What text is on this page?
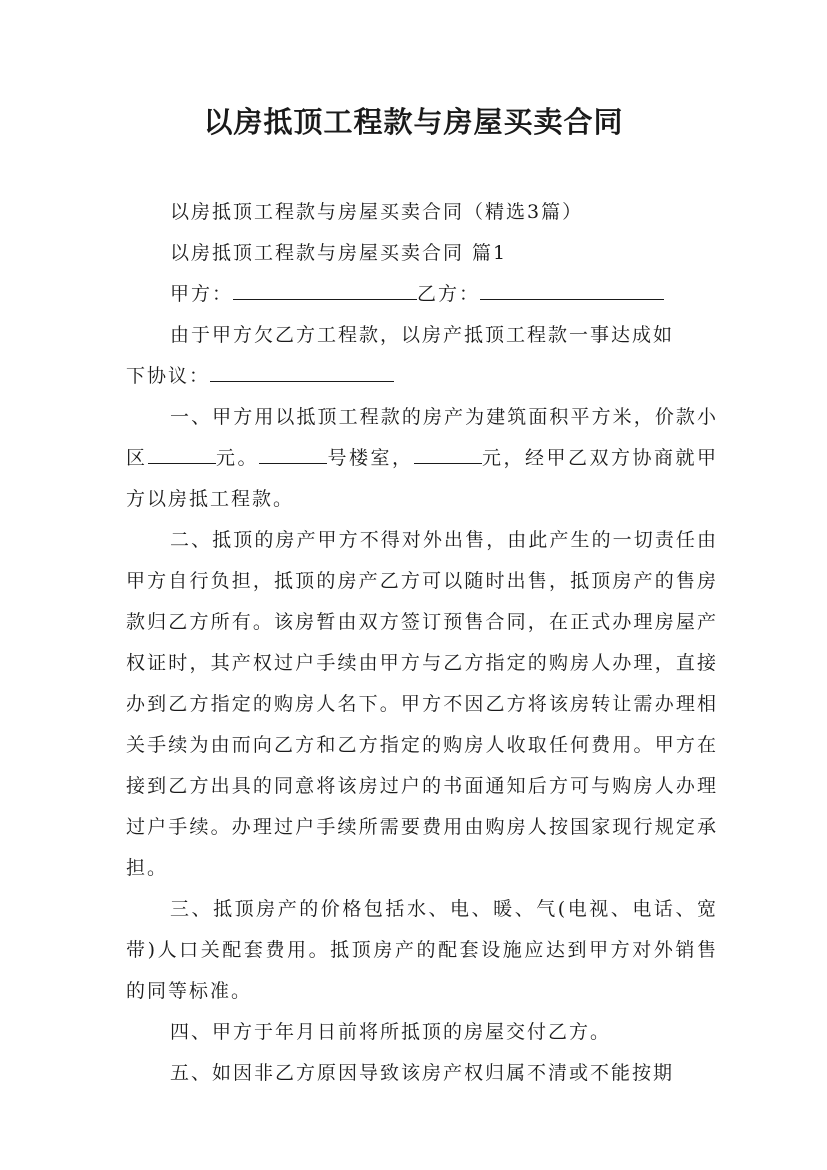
以房抵顶工程款与房屋买卖合同

以房抵顶工程款与房屋买卖合同（精选3篇）

以房抵顶工程款与房屋买卖合同 篇1

甲方：	乙方：

由于甲方欠乙方工程款，以房产抵顶工程款一事达成如

下协议：

一、甲方用以抵顶工程款的房产为建筑面积平方米，价款小区	元。	号楼室，	元，经甲乙双方协商就甲方以房抵工程款。

二、抵顶的房产甲方不得对外出售，由此产生的一切责任由甲方自行负担，抵顶的房产乙方可以随时出售，抵顶房产的售房款归乙方所有。该房暂由双方签订预售合同，在正式办理房屋产权证时，其产权过户手续由甲方与乙方指定的购房人办理，直接办到乙方指定的购房人名下。甲方不因乙方将该房转让需办理相关手续为由而向乙方和乙方指定的购房人收取任何费用。甲方在接到乙方出具的同意将该房过户的书面通知后方可与购房人办理过户手续。办理过户手续所需要费用由购房人按国家现行规定承担。

三、抵顶房产的价格包括水、电、暖、气(电视、电话、宽带)人口关配套费用。抵顶房产的配套设施应达到甲方对外销售的同等标准。

四、甲方于年月日前将所抵顶的房屋交付乙方。

五、如因非乙方原因导致该房产权归属不清或不能按期
